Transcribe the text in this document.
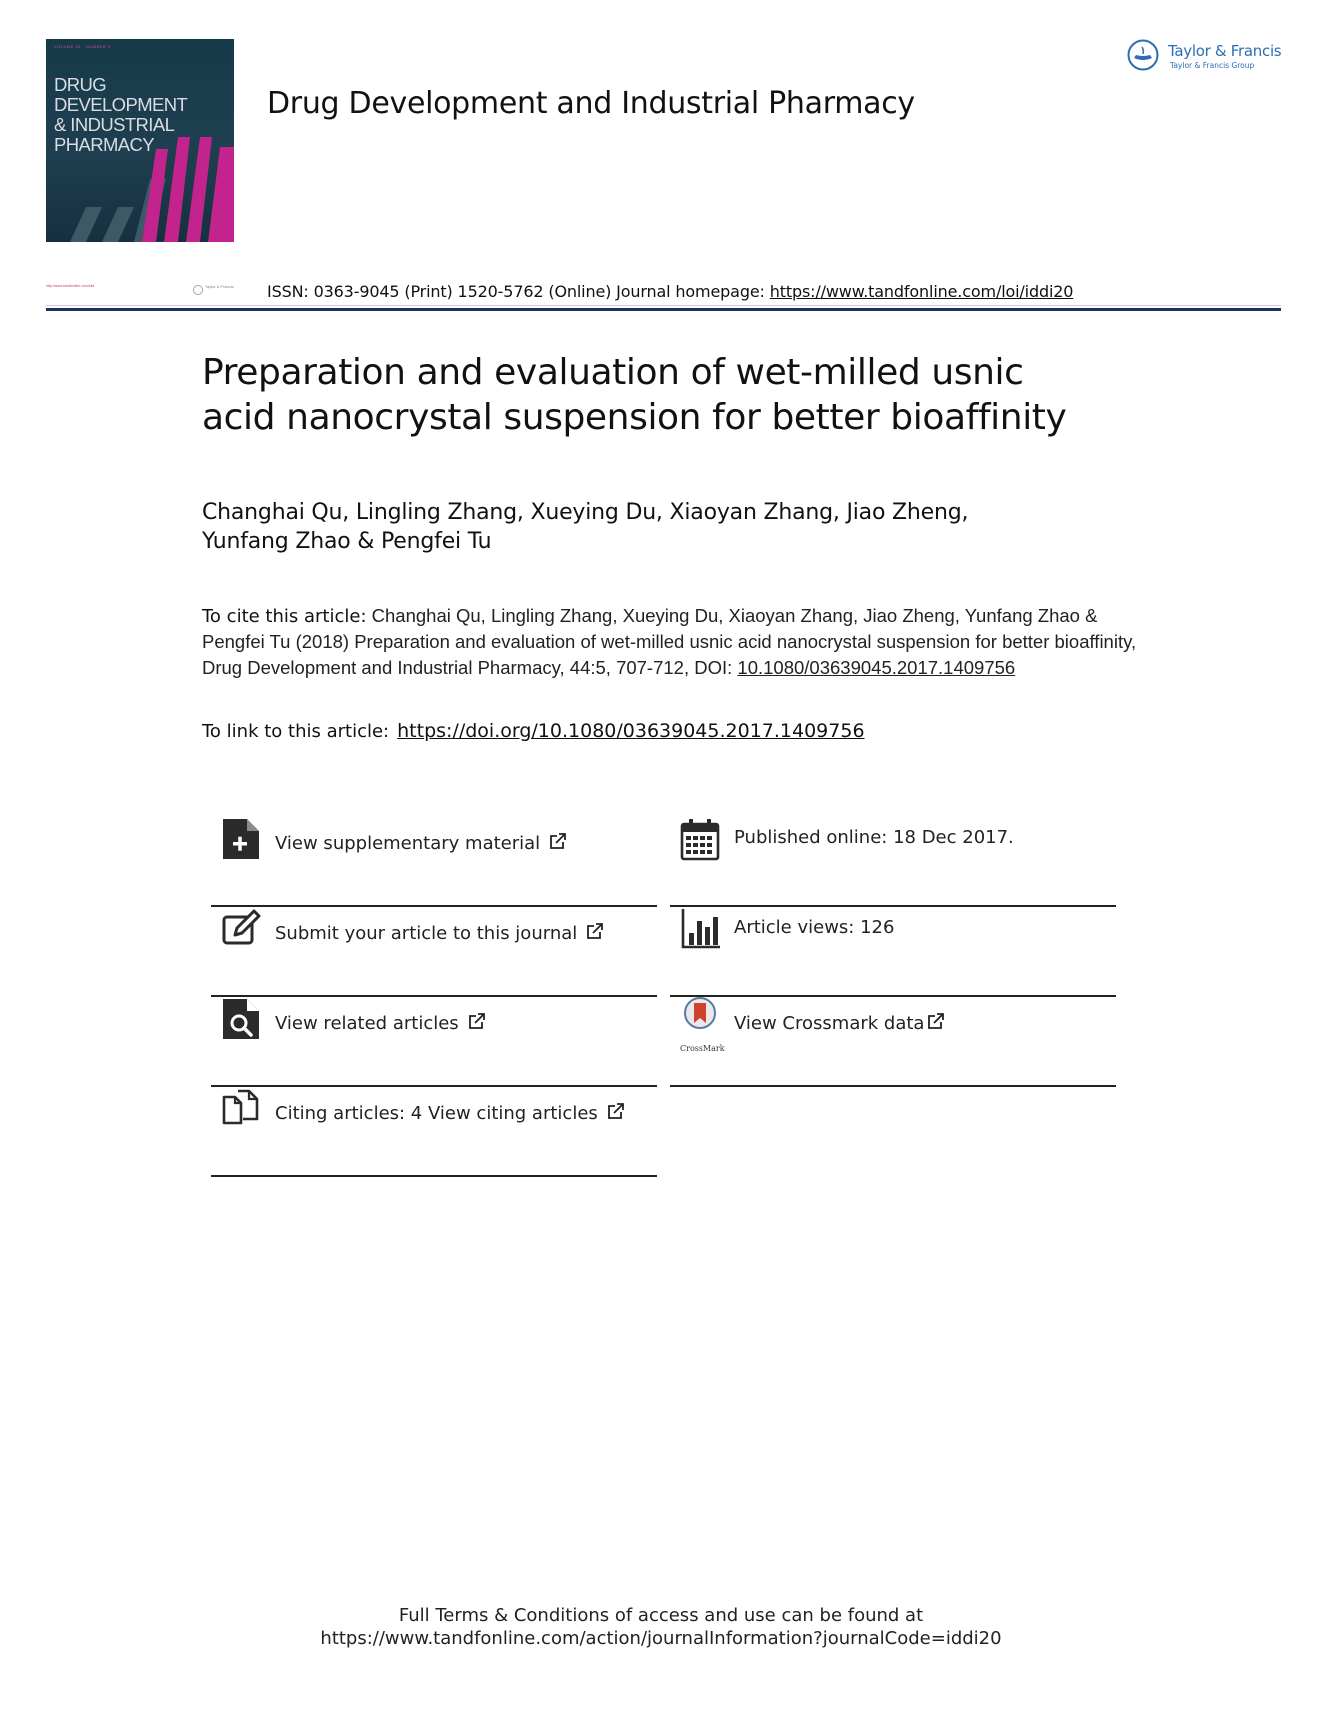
VOLUME 44 · NUMBER 5
DRUG DEVELOPMENT
& INDUSTRIAL
PHARMACY
Drug Development and Industrial Pharmacy
Taylor & Francis
Taylor & Francis Group
http://www.tandfonline.com/iddi	Taylor & Francis ISSN: 0363-9045 (Print) 1520-5762 (Online) Journal homepage: https://www.tandfonline.com/loi/iddi20
Preparation and evaluation of wet-milled usnic
acid nanocrystal suspension for better bioaffinity
Changhai Qu, Lingling Zhang, Xueying Du, Xiaoyan Zhang, Jiao Zheng,
Yunfang Zhao & Pengfei Tu
To cite this article: Changhai Qu, Lingling Zhang, Xueying Du, Xiaoyan Zhang, Jiao Zheng, Yunfang Zhao & Pengfei Tu (2018) Preparation and evaluation of wet-milled usnic acid nanocrystal suspension for better bioaffinity, Drug Development and Industrial Pharmacy, 44:5, 707-712, DOI: 10.1080/03639045.2017.1409756
To link to this article: https://doi.org/10.1080/03639045.2017.1409756
View supplementary material
Submit your article to this journal
View related articles
Citing articles: 4 View citing articles
Published online: 18 Dec 2017.
Article views: 126
CrossMark
View Crossmark data
Full Terms & Conditions of access and use can be found at
https://www.tandfonline.com/action/journalInformation?journalCode=iddi20
